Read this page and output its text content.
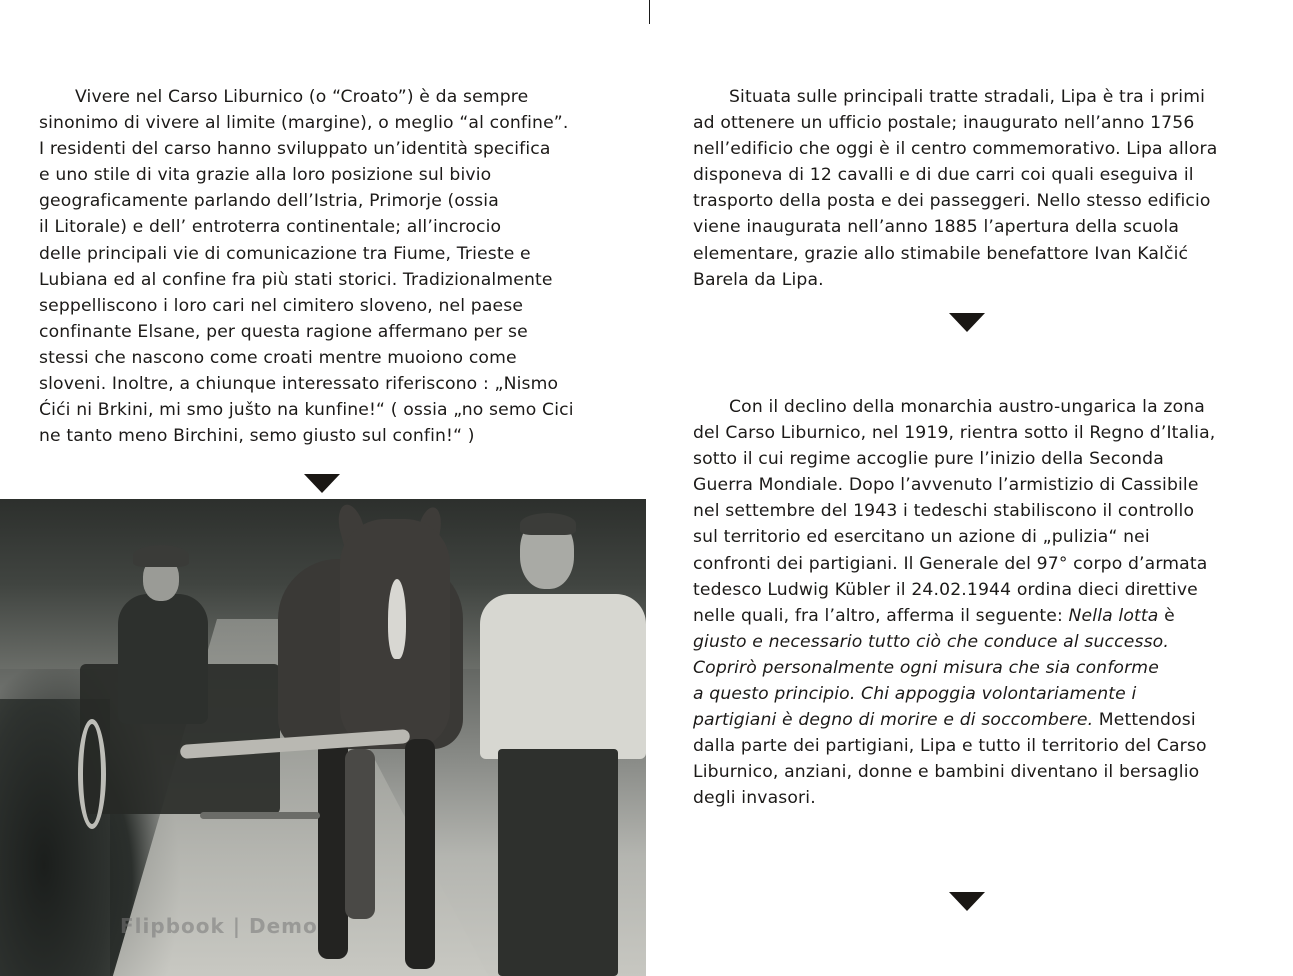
Vivere nel Carso Liburnico (o “Croato”) è da sempre
sinonimo di vivere al limite (margine), o meglio “al confine”.
I residenti del carso hanno sviluppato un’identità specifica
e uno stile di vita grazie alla loro posizione sul bivio
geograficamente parlando dell’Istria, Primorje (ossia
il Litorale) e dell’ entroterra continentale; all’incrocio
delle principali vie di comunicazione tra Fiume, Trieste e
Lubiana ed al confine fra più stati storici. Tradizionalmente
seppelliscono i loro cari nel cimitero sloveno, nel paese
confinante Elsane, per questa ragione affermano per se
stessi che nascono come croati mentre muoiono come
sloveni. Inoltre, a chiunque interessato riferiscono : „Nismo
Ćići ni Brkini, mi smo jušto na kunfine!“ ( ossia „no semo Cici
ne tanto meno Birchini, semo giusto sul confin!“ )
Flipbook | Demo
Situata sulle principali tratte stradali, Lipa è tra i primi
ad ottenere un ufficio postale; inaugurato nell’anno 1756
nell’edificio che oggi è il centro commemorativo. Lipa allora
disponeva di 12 cavalli e di due carri coi quali eseguiva il
trasporto della posta e dei passeggeri. Nello stesso edificio
viene inaugurata nell’anno 1885 l’apertura della scuola
elementare, grazie allo stimabile benefattore Ivan Kalčić
Barela da Lipa.
Con il declino della monarchia austro-ungarica la zona
del Carso Liburnico, nel 1919, rientra sotto il Regno d’Italia,
sotto il cui regime accoglie pure l’inizio della Seconda
Guerra Mondiale. Dopo l’avvenuto l’armistizio di Cassibile
nel settembre del 1943 i tedeschi stabiliscono il controllo
sul territorio ed esercitano un azione di „pulizia“ nei
confronti dei partigiani. Il Generale del 97° corpo d’armata
tedesco Ludwig Kübler il 24.02.1944 ordina dieci direttive
nelle quali, fra l’altro, afferma il seguente: Nella lotta è
giusto e necessario tutto ciò che conduce al successo.
Coprirò personalmente ogni misura che sia conforme
a questo principio. Chi appoggia volontariamente i
partigiani è degno di morire e di soccombere. Mettendosi
dalla parte dei partigiani, Lipa e tutto il territorio del Carso
Liburnico, anziani, donne e bambini diventano il bersaglio
degli invasori.
